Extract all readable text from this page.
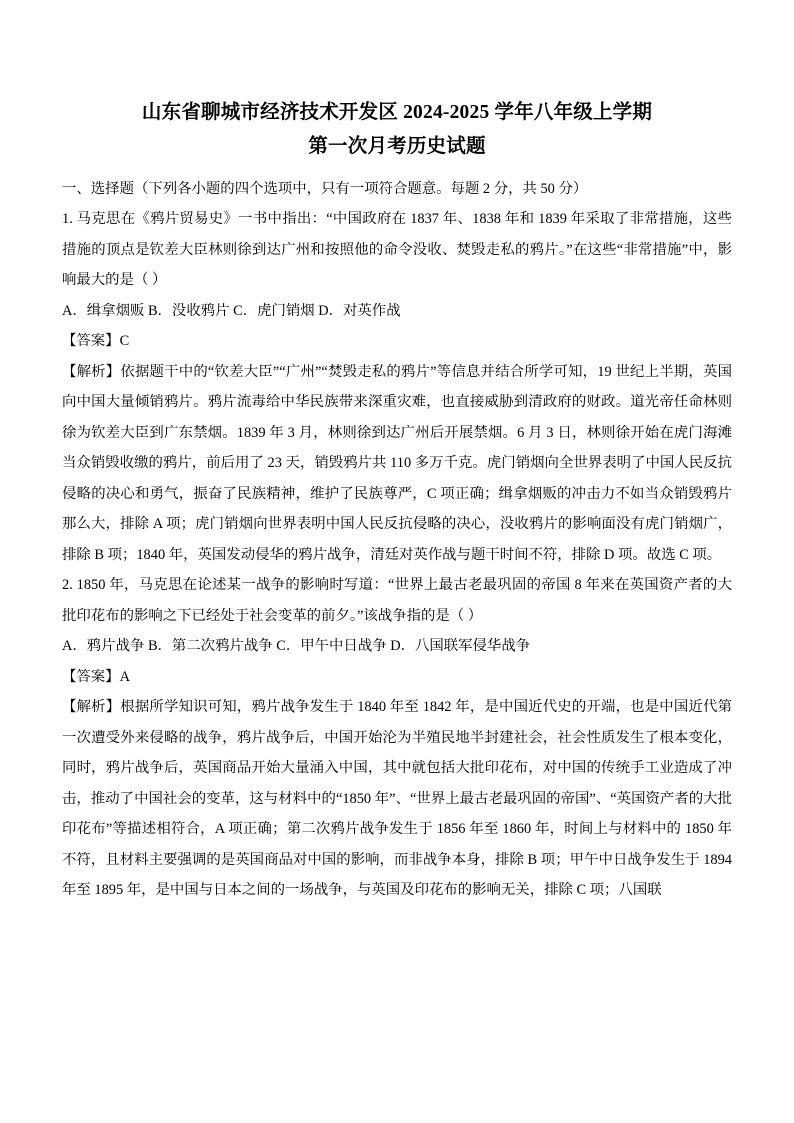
山东省聊城市经济技术开发区 2024-2025 学年八年级上学期
第一次月考历史试题

一、选择题（下列各小题的四个选项中，只有一项符合题意。每题 2 分，共 50 分）

1. 马克思在《鸦片贸易史》一书中指出：“中国政府在 1837 年、1838 年和 1839 年采取了非常措施，这些措施的顶点是钦差大臣林则徐到达广州和按照他的命令没收、焚毁走私的鸦片。”在这些“非常措施”中，影响最大的是（ ）

A．缉拿烟贩 B．没收鸦片 C．虎门销烟 D．对英作战

【答案】C

【解析】依据题干中的“钦差大臣”“广州”“焚毁走私的鸦片”等信息并结合所学可知，19 世纪上半期，英国向中国大量倾销鸦片。鸦片流毒给中华民族带来深重灾难，也直接威胁到清政府的财政。道光帝任命林则徐为钦差大臣到广东禁烟。1839 年 3 月，林则徐到达广州后开展禁烟。6 月 3 日，林则徐开始在虎门海滩当众销毁收缴的鸦片，前后用了 23 天，销毁鸦片共 110 多万千克。虎门销烟向全世界表明了中国人民反抗侵略的决心和勇气，振奋了民族精神，维护了民族尊严，C 项正确；缉拿烟贩的冲击力不如当众销毁鸦片那么大，排除 A 项；虎门销烟向世界表明中国人民反抗侵略的决心，没收鸦片的影响面没有虎门销烟广，排除 B 项；1840 年，英国发动侵华的鸦片战争，清廷对英作战与题干时间不符，排除 D 项。故选 C 项。

2. 1850 年，马克思在论述某一战争的影响时写道：“世界上最古老最巩固的帝国 8 年来在英国资产者的大批印花布的影响之下已经处于社会变革的前夕。”该战争指的是（ ）

A．鸦片战争 B．第二次鸦片战争 C．甲午中日战争 D．八国联军侵华战争

【答案】A

【解析】根据所学知识可知，鸦片战争发生于 1840 年至 1842 年，是中国近代史的开端，也是中国近代第一次遭受外来侵略的战争，鸦片战争后，中国开始沦为半殖民地半封建社会，社会性质发生了根本变化，同时，鸦片战争后，英国商品开始大量涌入中国，其中就包括大批印花布，对中国的传统手工业造成了冲击，推动了中国社会的变革，这与材料中的“1850 年”、“世界上最古老最巩固的帝国”、“英国资产者的大批印花布”等描述相符合，A 项正确；第二次鸦片战争发生于 1856 年至 1860 年，时间上与材料中的 1850 年不符，且材料主要强调的是英国商品对中国的影响，而非战争本身，排除 B 项；甲午中日战争发生于 1894 年至 1895 年，是中国与日本之间的一场战争，与英国及印花布的影响无关，排除 C 项；八国联
